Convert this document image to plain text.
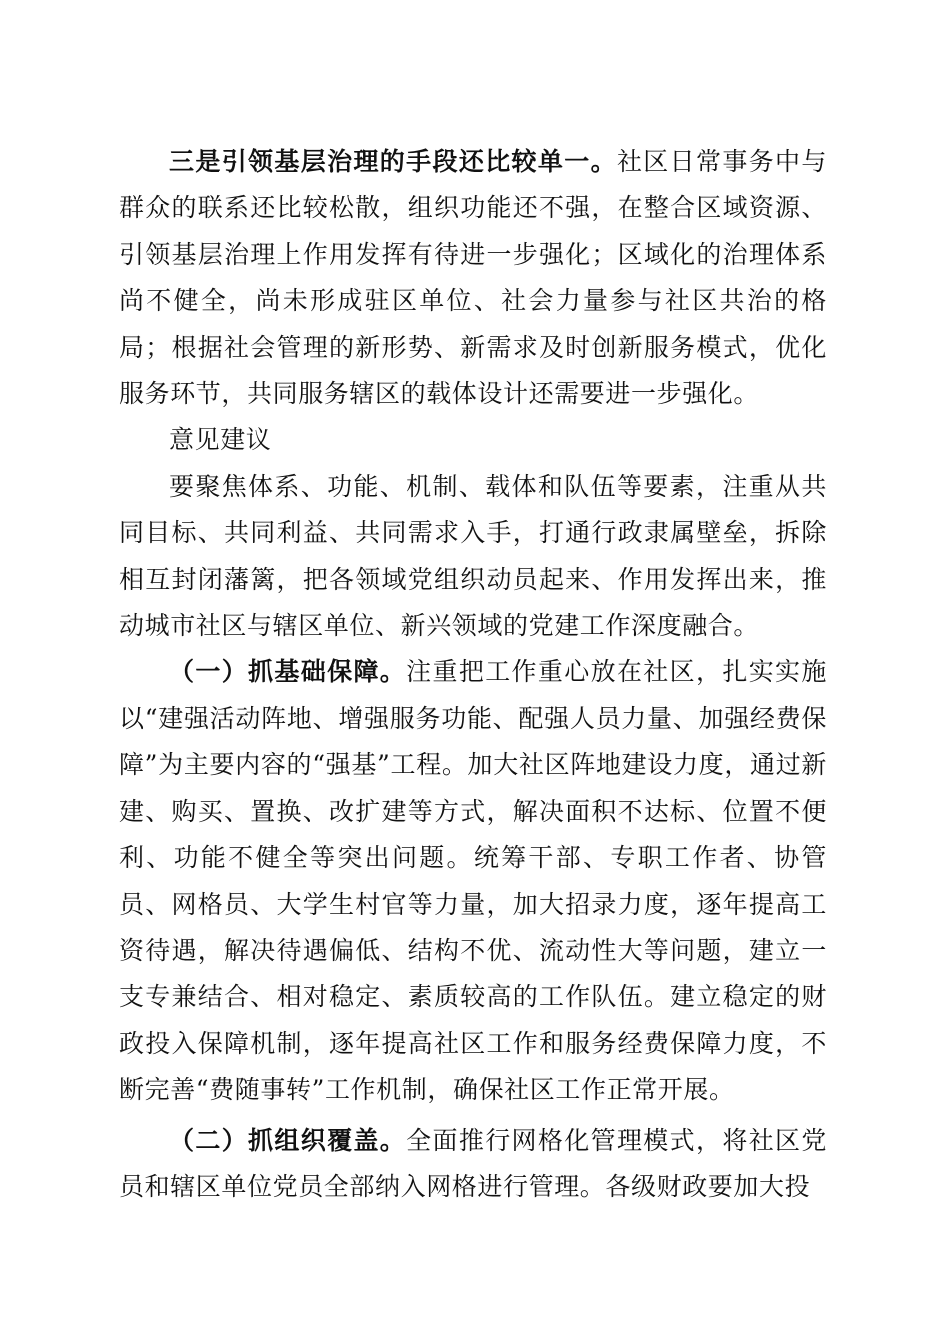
三是引领基层治理的手段还比较单一。社区日常事务中与群众的联系还比较松散，组织功能还不强，在整合区域资源、引领基层治理上作用发挥有待进一步强化；区域化的治理体系尚不健全，尚未形成驻区单位、社会力量参与社区共治的格局；根据社会管理的新形势、新需求及时创新服务模式，优化服务环节，共同服务辖区的载体设计还需要进一步强化。

意见建议

要聚焦体系、功能、机制、载体和队伍等要素，注重从共同目标、共同利益、共同需求入手，打通行政隶属壁垒，拆除相互封闭藩篱，把各领域党组织动员起来、作用发挥出来，推动城市社区与辖区单位、新兴领域的党建工作深度融合。

（一）抓基础保障。注重把工作重心放在社区，扎实实施以“建强活动阵地、增强服务功能、配强人员力量、加强经费保障”为主要内容的“强基”工程。加大社区阵地建设力度，通过新建、购买、置换、改扩建等方式，解决面积不达标、位置不便利、功能不健全等突出问题。统筹干部、专职工作者、协管员、网格员、大学生村官等力量，加大招录力度，逐年提高工资待遇，解决待遇偏低、结构不优、流动性大等问题，建立一支专兼结合、相对稳定、素质较高的工作队伍。建立稳定的财政投入保障机制，逐年提高社区工作和服务经费保障力度，不断完善“费随事转”工作机制，确保社区工作正常开展。

（二）抓组织覆盖。全面推行网格化管理模式，将社区党员和辖区单位党员全部纳入网格进行管理。各级财政要加大投
